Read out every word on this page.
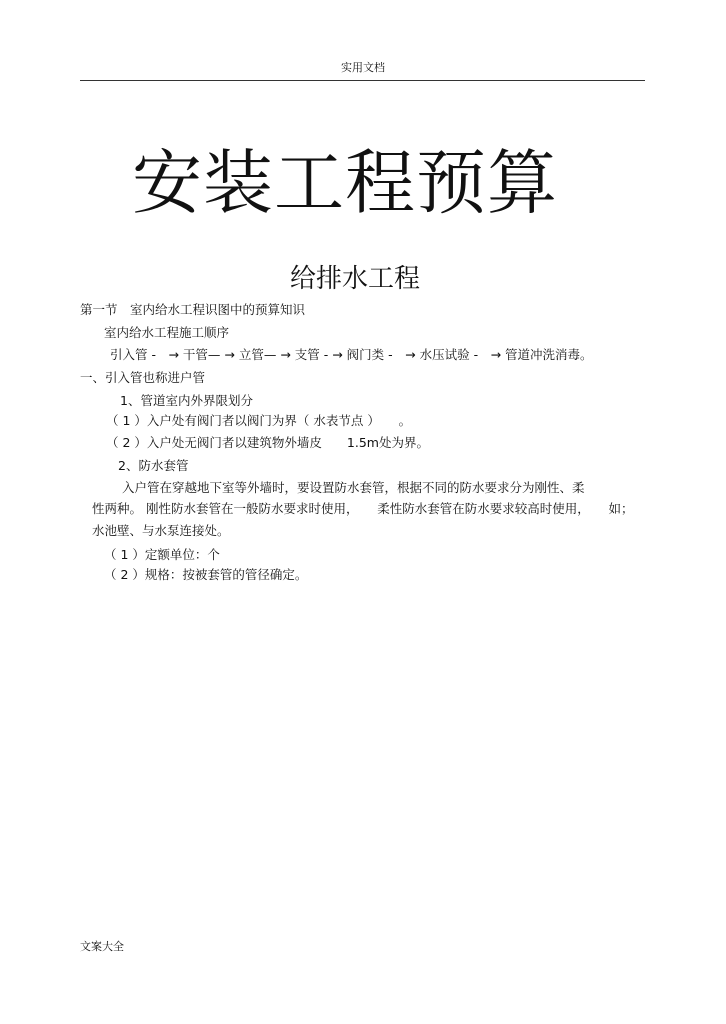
实用文档
安装工程预算
给排水工程
第一节　室内给水工程识图中的预算知识
室内给水工程施工顺序
引入管 -　→ 干管— → 立管— → 支管 - → 阀门类 -　→ 水压试验 -　→ 管道冲洗消毒。
一、引入管也称进户管
1、管道室内外界限划分
（ 1 ）入户处有阀门者以阀门为界（ 水表节点 ）　　。
（ 2 ）入户处无阀门者以建筑物外墙皮　　1.5m处为界。
2、防水套管
入户管在穿越地下室等外墙时，要设置防水套管，根据不同的防水要求分为刚性、柔
性两种。 刚性防水套管在一般防水要求时使用，　　柔性防水套管在防水要求较高时使用，　　如；
水池壁、与水泵连接处。
（ 1 ）定额单位：个
（ 2 ）规格：按被套管的管径确定。
文案大全
